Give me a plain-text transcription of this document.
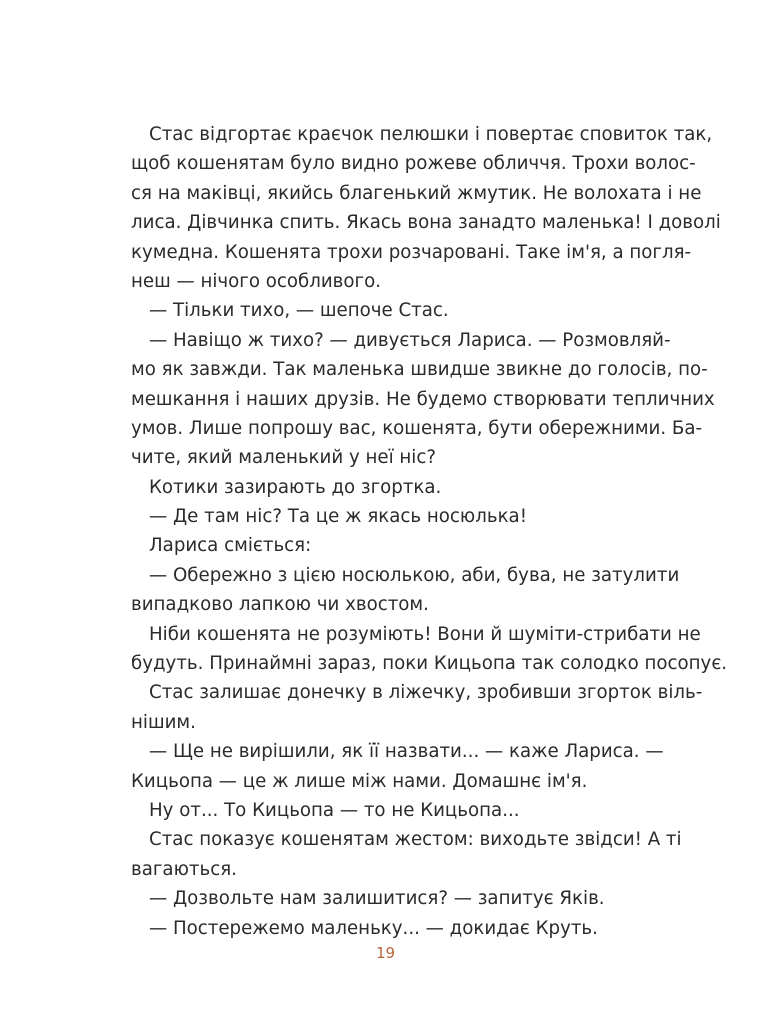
Стас відгортає краєчок пелюшки і повертає сповиток так,
щоб кошенятам було видно рожеве обличчя. Трохи волос-
ся на маківці, якийсь благенький жмутик. Не волохата і не
лиса. Дівчинка спить. Якась вона занадто маленька! І доволі
кумедна. Кошенята трохи розчаровані. Таке ім'я, а погля-
неш — нічого особливого.
— Тільки тихо, — шепоче Стас.
— Навіщо ж тихо? — дивується Лариса. — Розмовляй-
мо як завжди. Так маленька швидше звикне до голосів, по-
мешкання і наших друзів. Не будемо створювати тепличних
умов. Лише попрошу вас, кошенята, бути обережними. Ба-
чите, який маленький у неї ніс?
Котики зазирають до згортка.
— Де там ніс? Та це ж якась носюлька!
Лариса сміється:
— Обережно з цією носюлькою, аби, бува, не затулити
випадково лапкою чи хвостом.
Ніби кошенята не розуміють! Вони й шуміти-стрибати не
будуть. Принаймні зараз, поки Кицьопа так солодко посопує.
Стас залишає донечку в ліжечку, зробивши згорток віль-
нішим.
— Ще не вирішили, як її назвати... — каже Лариса. —
Кицьопа — це ж лише між нами. Домашнє ім'я.
Ну от... То Кицьопа — то не Кицьопа...
Стас показує кошенятам жестом: виходьте звідси! А ті
вагаються.
— Дозвольте нам залишитися? — запитує Яків.
— Постережемо маленьку... — докидає Круть.
19
